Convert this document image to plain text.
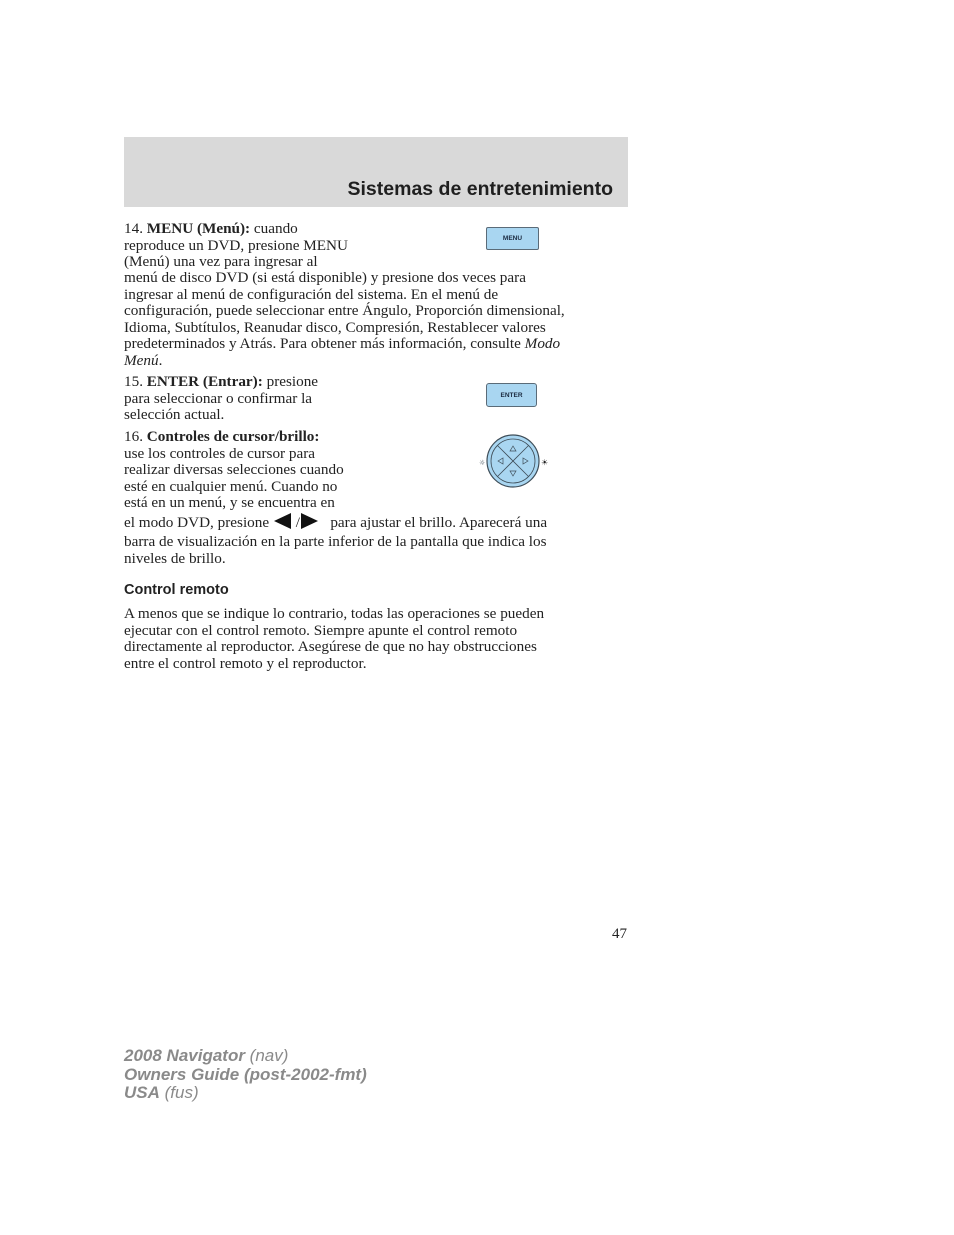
Sistemas de entretenimiento
14. MENU (Menú): cuando
reproduce un DVD, presione MENU
(Menú) una vez para ingresar al
MENU
menú de disco DVD (si está disponible) y presione dos veces para
ingresar al menú de configuración del sistema. En el menú de
configuración, puede seleccionar entre Ángulo, Proporción dimensional,
Idioma, Subtítulos, Reanudar disco, Compresión, Restablecer valores
predeterminados y Atrás. Para obtener más información, consulte Modo
Menú.
15. ENTER (Entrar): presione
para seleccionar o confirmar la
selección actual.
ENTER
16. Controles de cursor/brillo:
use los controles de cursor para
realizar diversas selecciones cuando
esté en cualquier menú. Cuando no
está en un menú, y se encuentra en
☼	☀
el modo DVD, presione / para ajustar el brillo. Aparecerá una
barra de visualización en la parte inferior de la pantalla que indica los
niveles de brillo.
Control remoto
A menos que se indique lo contrario, todas las operaciones se pueden
ejecutar con el control remoto. Siempre apunte el control remoto
directamente al reproductor. Asegúrese de que no hay obstrucciones
entre el control remoto y el reproductor.
47
2008 Navigator (nav)
Owners Guide (post-2002-fmt)
USA (fus)
